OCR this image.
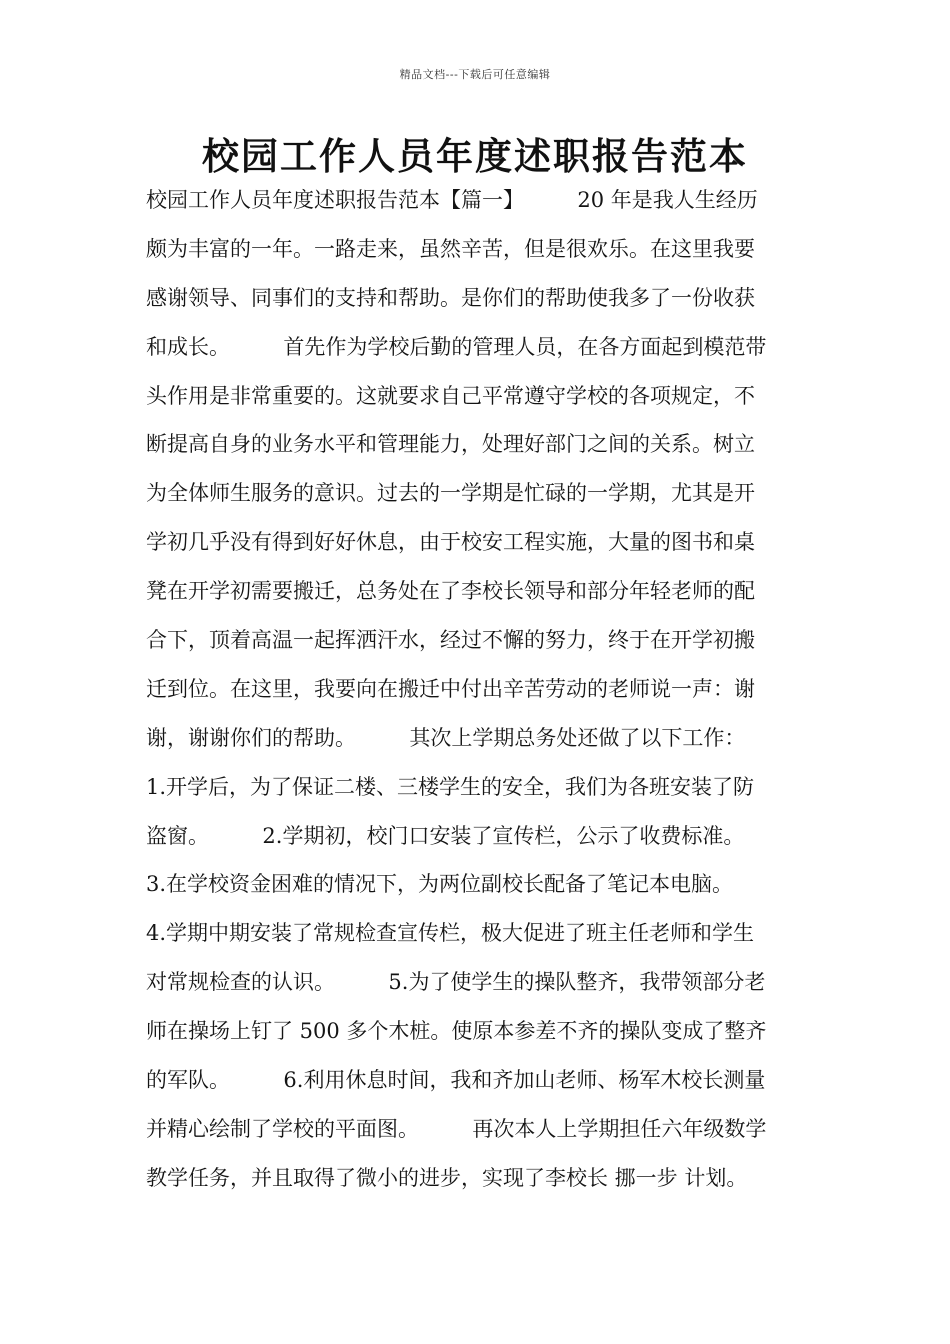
精品文档---下载后可任意编辑
校园工作人员年度述职报告范本
校园工作人员年度述职报告范本【篇一】        20 年是我人生经历
颇为丰富的一年。一路走来，虽然辛苦，但是很欢乐。在这里我要
感谢领导、同事们的支持和帮助。是你们的帮助使我多了一份收获
和成长。        首先作为学校后勤的管理人员，在各方面起到模范带
头作用是非常重要的。这就要求自己平常遵守学校的各项规定，不
断提高自身的业务水平和管理能力，处理好部门之间的关系。树立
为全体师生服务的意识。过去的一学期是忙碌的一学期，尤其是开
学初几乎没有得到好好休息，由于校安工程实施，大量的图书和桌
凳在开学初需要搬迁，总务处在了李校长领导和部分年轻老师的配
合下，顶着高温一起挥洒汗水，经过不懈的努力，终于在开学初搬
迁到位。在这里，我要向在搬迁中付出辛苦劳动的老师说一声：谢
谢，谢谢你们的帮助。        其次上学期总务处还做了以下工作：
1.开学后，为了保证二楼、三楼学生的安全，我们为各班安装了防
盗窗。        2.学期初，校门口安装了宣传栏，公示了收费标准。
3.在学校资金困难的情况下，为两位副校长配备了笔记本电脑。
4.学期中期安装了常规检查宣传栏，极大促进了班主任老师和学生
对常规检查的认识。        5.为了使学生的操队整齐，我带领部分老
师在操场上钉了 500 多个木桩。使原本参差不齐的操队变成了整齐
的军队。        6.利用休息时间，我和齐加山老师、杨军木校长测量
并精心绘制了学校的平面图。        再次本人上学期担任六年级数学
教学任务，并且取得了微小的进步，实现了李校长 挪一步 计划。
